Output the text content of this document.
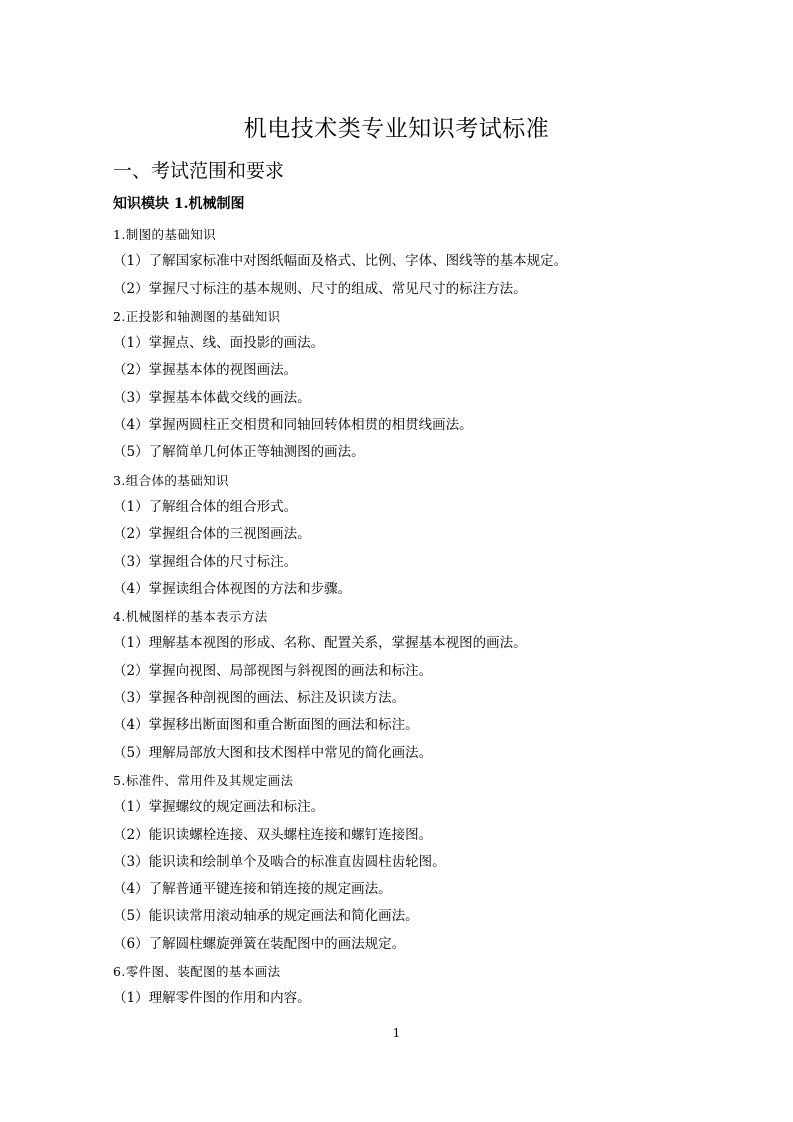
机电技术类专业知识考试标准
一、考试范围和要求
知识模块 1.机械制图
1.制图的基础知识
（1）了解国家标准中对图纸幅面及格式、比例、字体、图线等的基本规定。
（2）掌握尺寸标注的基本规则、尺寸的组成、常见尺寸的标注方法。
2.正投影和轴测图的基础知识
（1）掌握点、线、面投影的画法。
（2）掌握基本体的视图画法。
（3）掌握基本体截交线的画法。
（4）掌握两圆柱正交相贯和同轴回转体相贯的相贯线画法。
（5）了解简单几何体正等轴测图的画法。
3.组合体的基础知识
（1）了解组合体的组合形式。
（2）掌握组合体的三视图画法。
（3）掌握组合体的尺寸标注。
（4）掌握读组合体视图的方法和步骤。
4.机械图样的基本表示方法
（1）理解基本视图的形成、名称、配置关系，掌握基本视图的画法。
（2）掌握向视图、局部视图与斜视图的画法和标注。
（3）掌握各种剖视图的画法、标注及识读方法。
（4）掌握移出断面图和重合断面图的画法和标注。
（5）理解局部放大图和技术图样中常见的简化画法。
5.标准件、常用件及其规定画法
（1）掌握螺纹的规定画法和标注。
（2）能识读螺栓连接、双头螺柱连接和螺钉连接图。
（3）能识读和绘制单个及啮合的标准直齿圆柱齿轮图。
（4）了解普通平键连接和销连接的规定画法。
（5）能识读常用滚动轴承的规定画法和简化画法。
（6）了解圆柱螺旋弹簧在装配图中的画法规定。
6.零件图、装配图的基本画法
（1）理解零件图的作用和内容。
1
